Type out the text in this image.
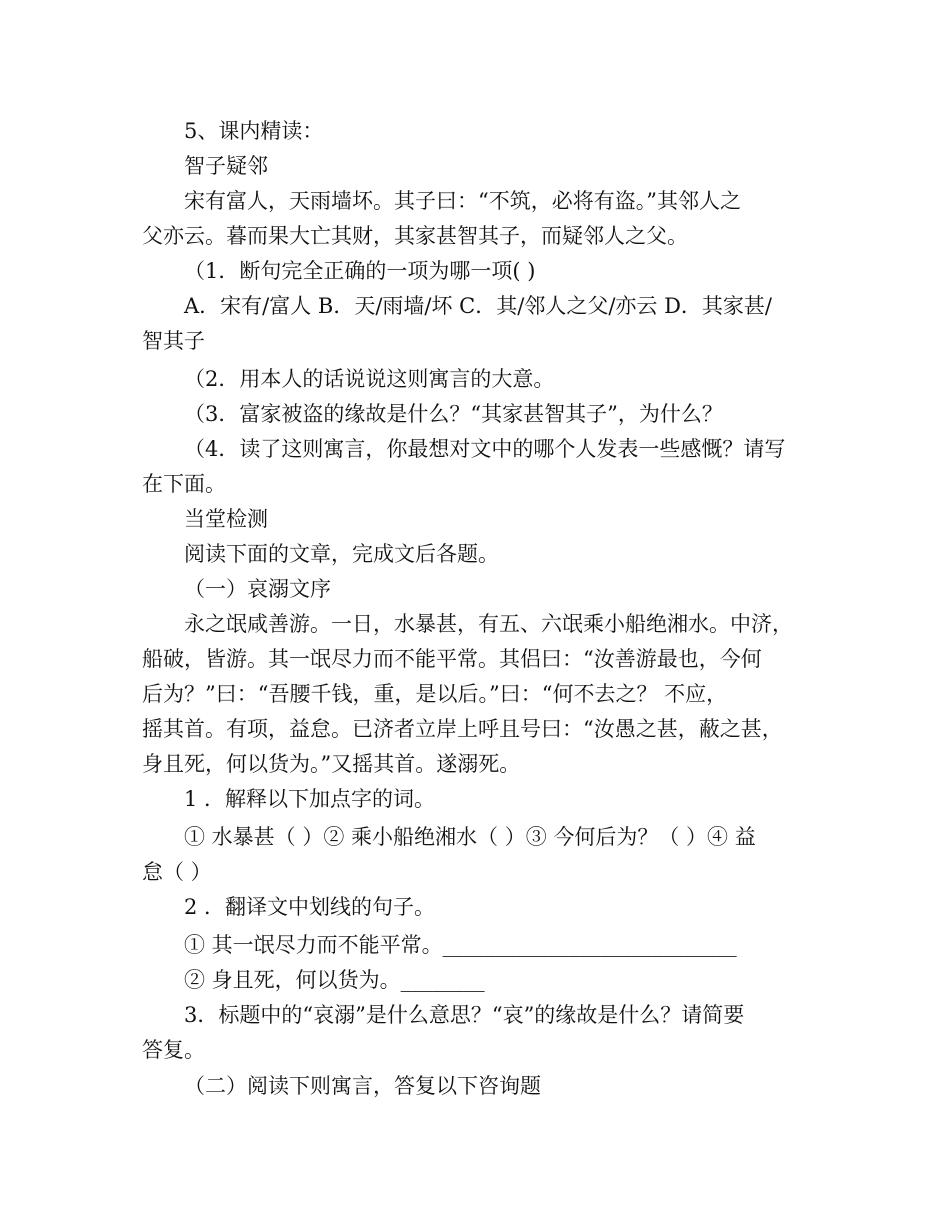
5、课内精读：
智子疑邻
宋有富人，天雨墙坏。其子曰：“不筑，必将有盗。”其邻人之
父亦云。暮而果大亡其财，其家甚智其子，而疑邻人之父。
（1．断句完全正确的一项为哪一项( )
A．宋有/富人 B．天/雨墙/坏 C．其/邻人之父/亦云 D．其家甚/
智其子
（2．用本人的话说说这则寓言的大意。
（3．富家被盗的缘故是什么？“其家甚智其子”，为什么？
（4．读了这则寓言，你最想对文中的哪个人发表一些感慨？请写
在下面。
当堂检测
阅读下面的文章，完成文后各题。
（一）哀溺文序
永之氓咸善游。一日，水暴甚，有五、六氓乘小船绝湘水。中济，
船破，皆游。其一氓尽力而不能平常。其侣曰：“汝善游最也，今何
后为？”曰：“吾腰千钱，重，是以后。”曰：“何不去之？ 不应，
摇其首。有项，益怠。已济者立岸上呼且号曰：“汝愚之甚，蔽之甚，
身且死，何以货为。”又摇其首。遂溺死。
1 ．解释以下加点字的词。
① 水暴甚（ ）② 乘小船绝湘水（ ）③ 今何后为？（ ）④ 益
怠（ ）
2 ．翻译文中划线的句子。
① 其一氓尽力而不能平常。____________________________
② 身且死，何以货为。________
3．标题中的“哀溺”是什么意思？“哀”的缘故是什么？请简要
答复。
（二）阅读下则寓言，答复以下咨询题
